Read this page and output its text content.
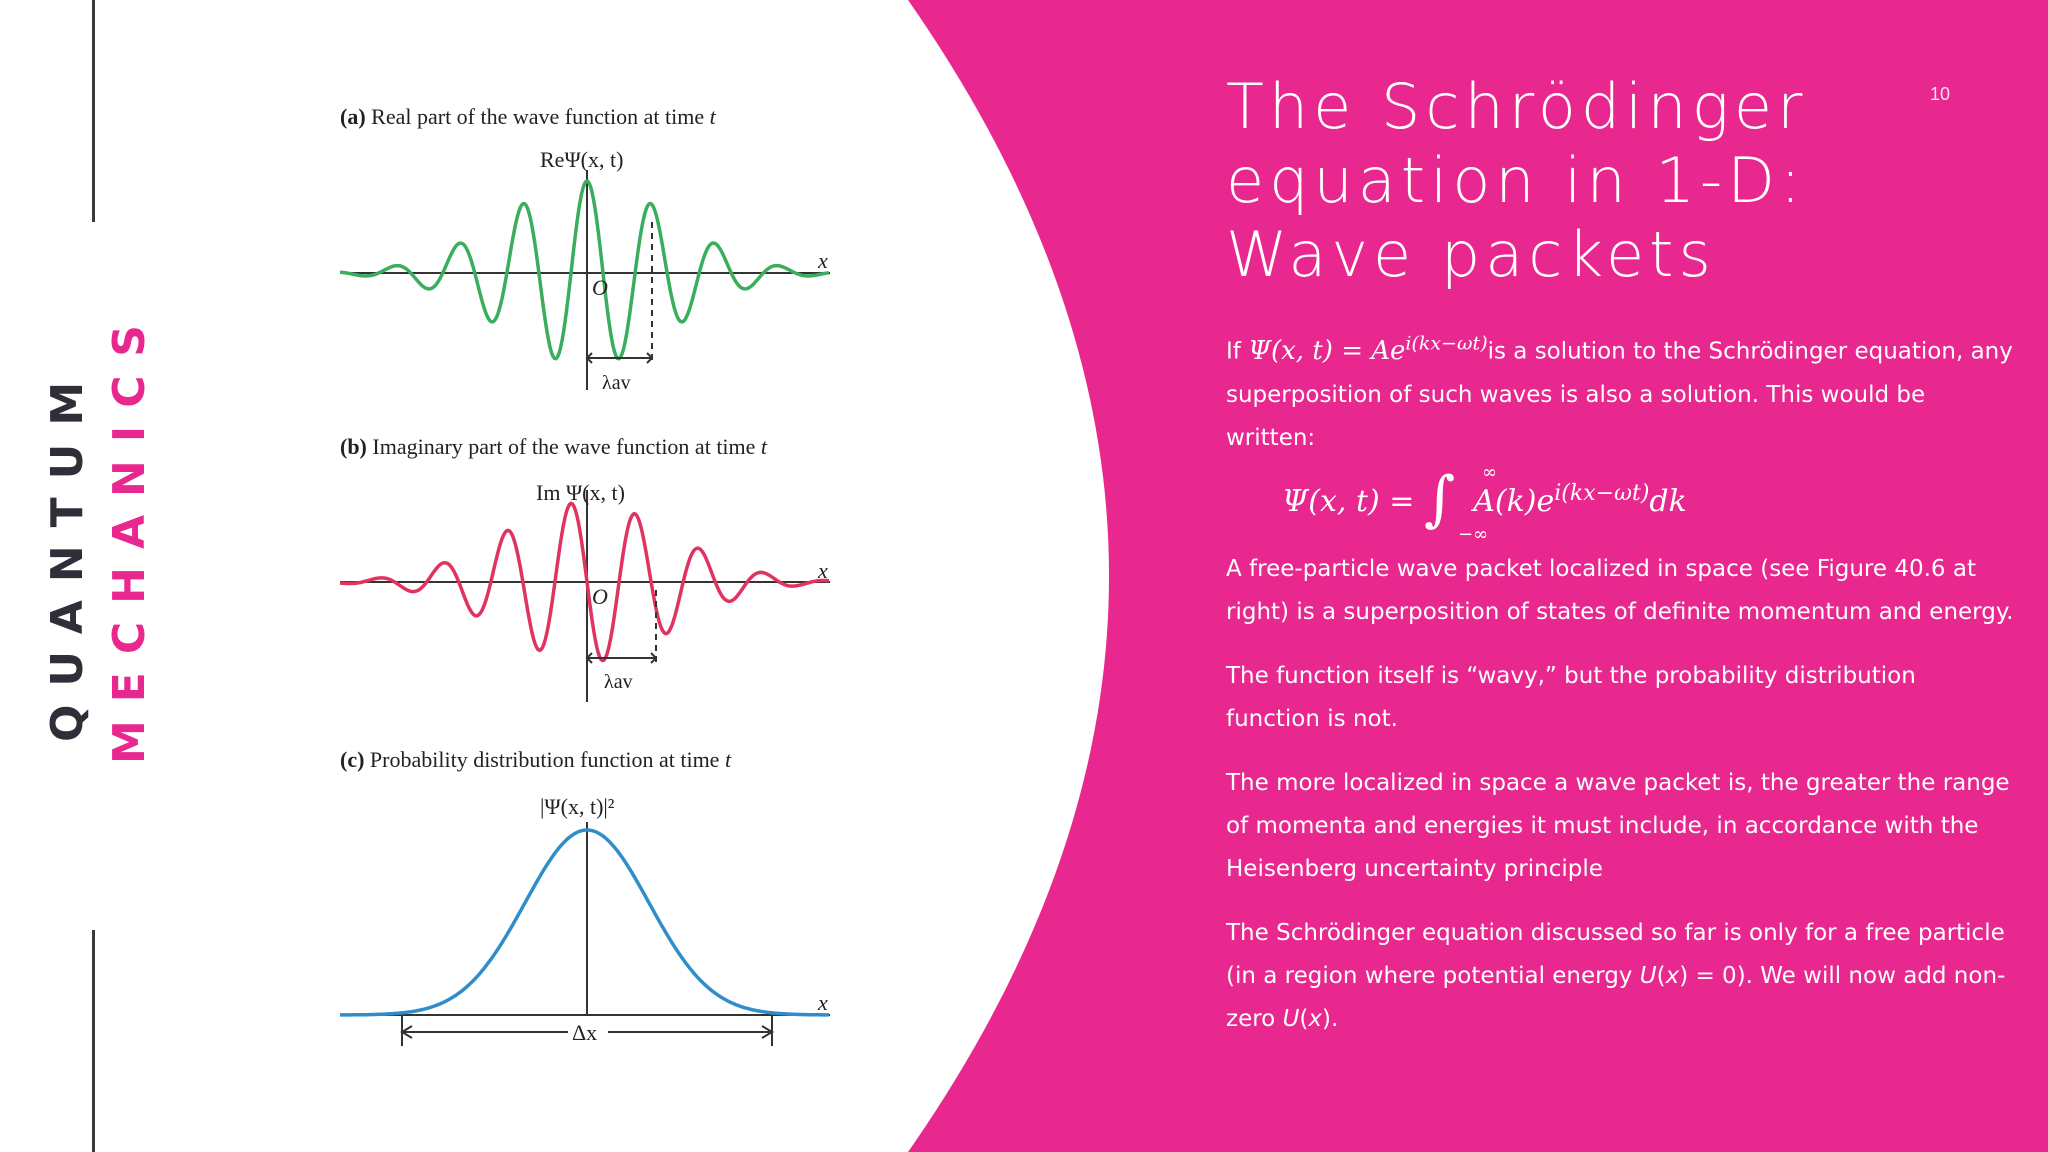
QUANTUM MECHANICS
(a) Real part of the wave function at time t
(b) Imaginary part of the wave function at time t
(c) Probability distribution function at time t
ReΨ(x, t)
O
x
λav
Im Ψ(x, t)
O
x
λav
|Ψ(x, t)|²
x
Δx
10
The Schrödinger equation in 1-D: Wave packets

If Ψ(x, $t) = Ae^{i(kx-\omega t)}is$ a solution to the Schrödinger equation, any superposition of such waves is also a solution. This would be written:

Ψ(x, t) = ∫ ∞
−∞
$A(k)e^{i(kx-\omega t)}dk$

A free-particle wave packet localized in space (see Figure 40.6 at right) is a superposition of states of definite momentum and energy.

The function itself is “wavy,” but the probability distribution function is not.

The more localized in space a wave packet is, the greater the range of momenta and energies it must include, in accordance with the Heisenberg uncertainty principle

The Schrödinger equation discussed so far is only for a free particle (in a region where potential energy U(x) = 0). We will now add non-zero U(x).
